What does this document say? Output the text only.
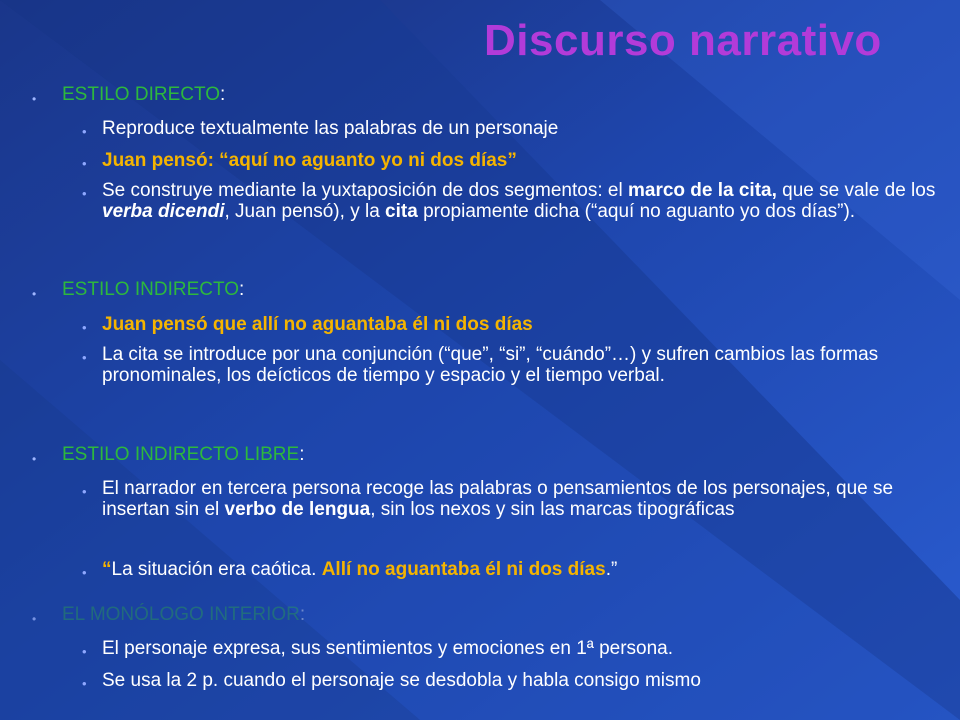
Discurso narrativo
• ESTILO DIRECTO:
• Reproduce textualmente las palabras de un personaje
• Juan pensó: “aquí no aguanto yo ni dos días”
• Se construye mediante la yuxtaposición de dos segmentos: el marco de la cita, que se vale de los verba dicendi, Juan pensó), y la cita propiamente dicha (“aquí no aguanto yo dos días”).
• ESTILO INDIRECTO:
• Juan pensó que allí no aguantaba él ni dos días
• La cita se introduce por una conjunción (“que”, “si”, “cuándo”…) y sufren cambios las formas pronominales, los deícticos de tiempo y espacio y el tiempo verbal.
• ESTILO INDIRECTO LIBRE:
• El narrador en tercera persona recoge las palabras o pensamientos de los personajes, que se insertan sin el verbo de lengua, sin los nexos y sin las marcas tipográficas
• “La situación era caótica. Allí no aguantaba él ni dos días.”
• EL MONÓLOGO INTERIOR:
• El personaje expresa, sus sentimientos y emociones en 1ª persona.
• Se usa la 2 p. cuando el personaje se desdobla y habla consigo mismo
